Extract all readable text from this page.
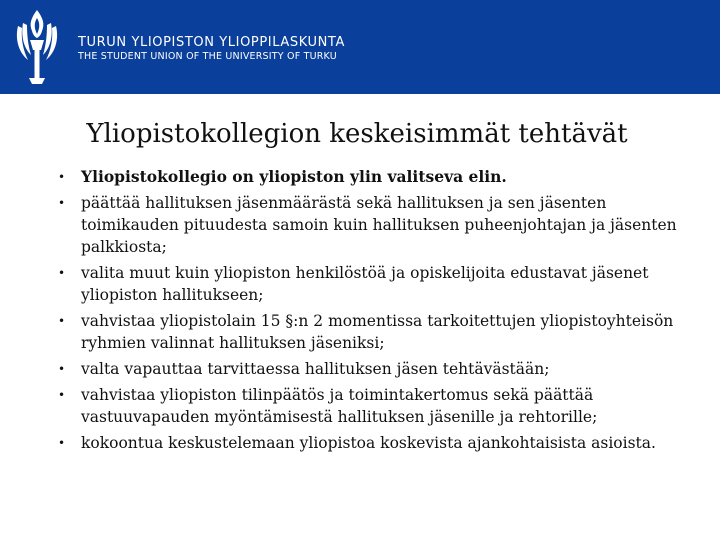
TURUN YLIOPISTON YLIOPPILASKUNTA
THE STUDENT UNION OF THE UNIVERSITY OF TURKU
Yliopistokollegion keskeisimmät tehtävät
• Yliopistokollegio on yliopiston ylin valitseva elin.
• päättää hallituksen jäsenmäärästä sekä hallituksen ja sen jäsenten toimikauden pituudesta samoin kuin hallituksen puheenjohtajan ja jäsenten palkkiosta;
• valita muut kuin yliopiston henkilöstöä ja opiskelijoita edustavat jäsenet yliopiston hallitukseen;
• vahvistaa yliopistolain 15 §:n 2 momentissa tarkoitettujen yliopistoyhteisön ryhmien valinnat hallituksen jäseniksi;
• valta vapauttaa tarvittaessa hallituksen jäsen tehtävästään;
• vahvistaa yliopiston tilinpäätös ja toimintakertomus sekä päättää vastuuvapauden myöntämisestä hallituksen jäsenille ja rehtorille;
• kokoontua keskustelemaan yliopistoa koskevista ajankohtaisista asioista.
